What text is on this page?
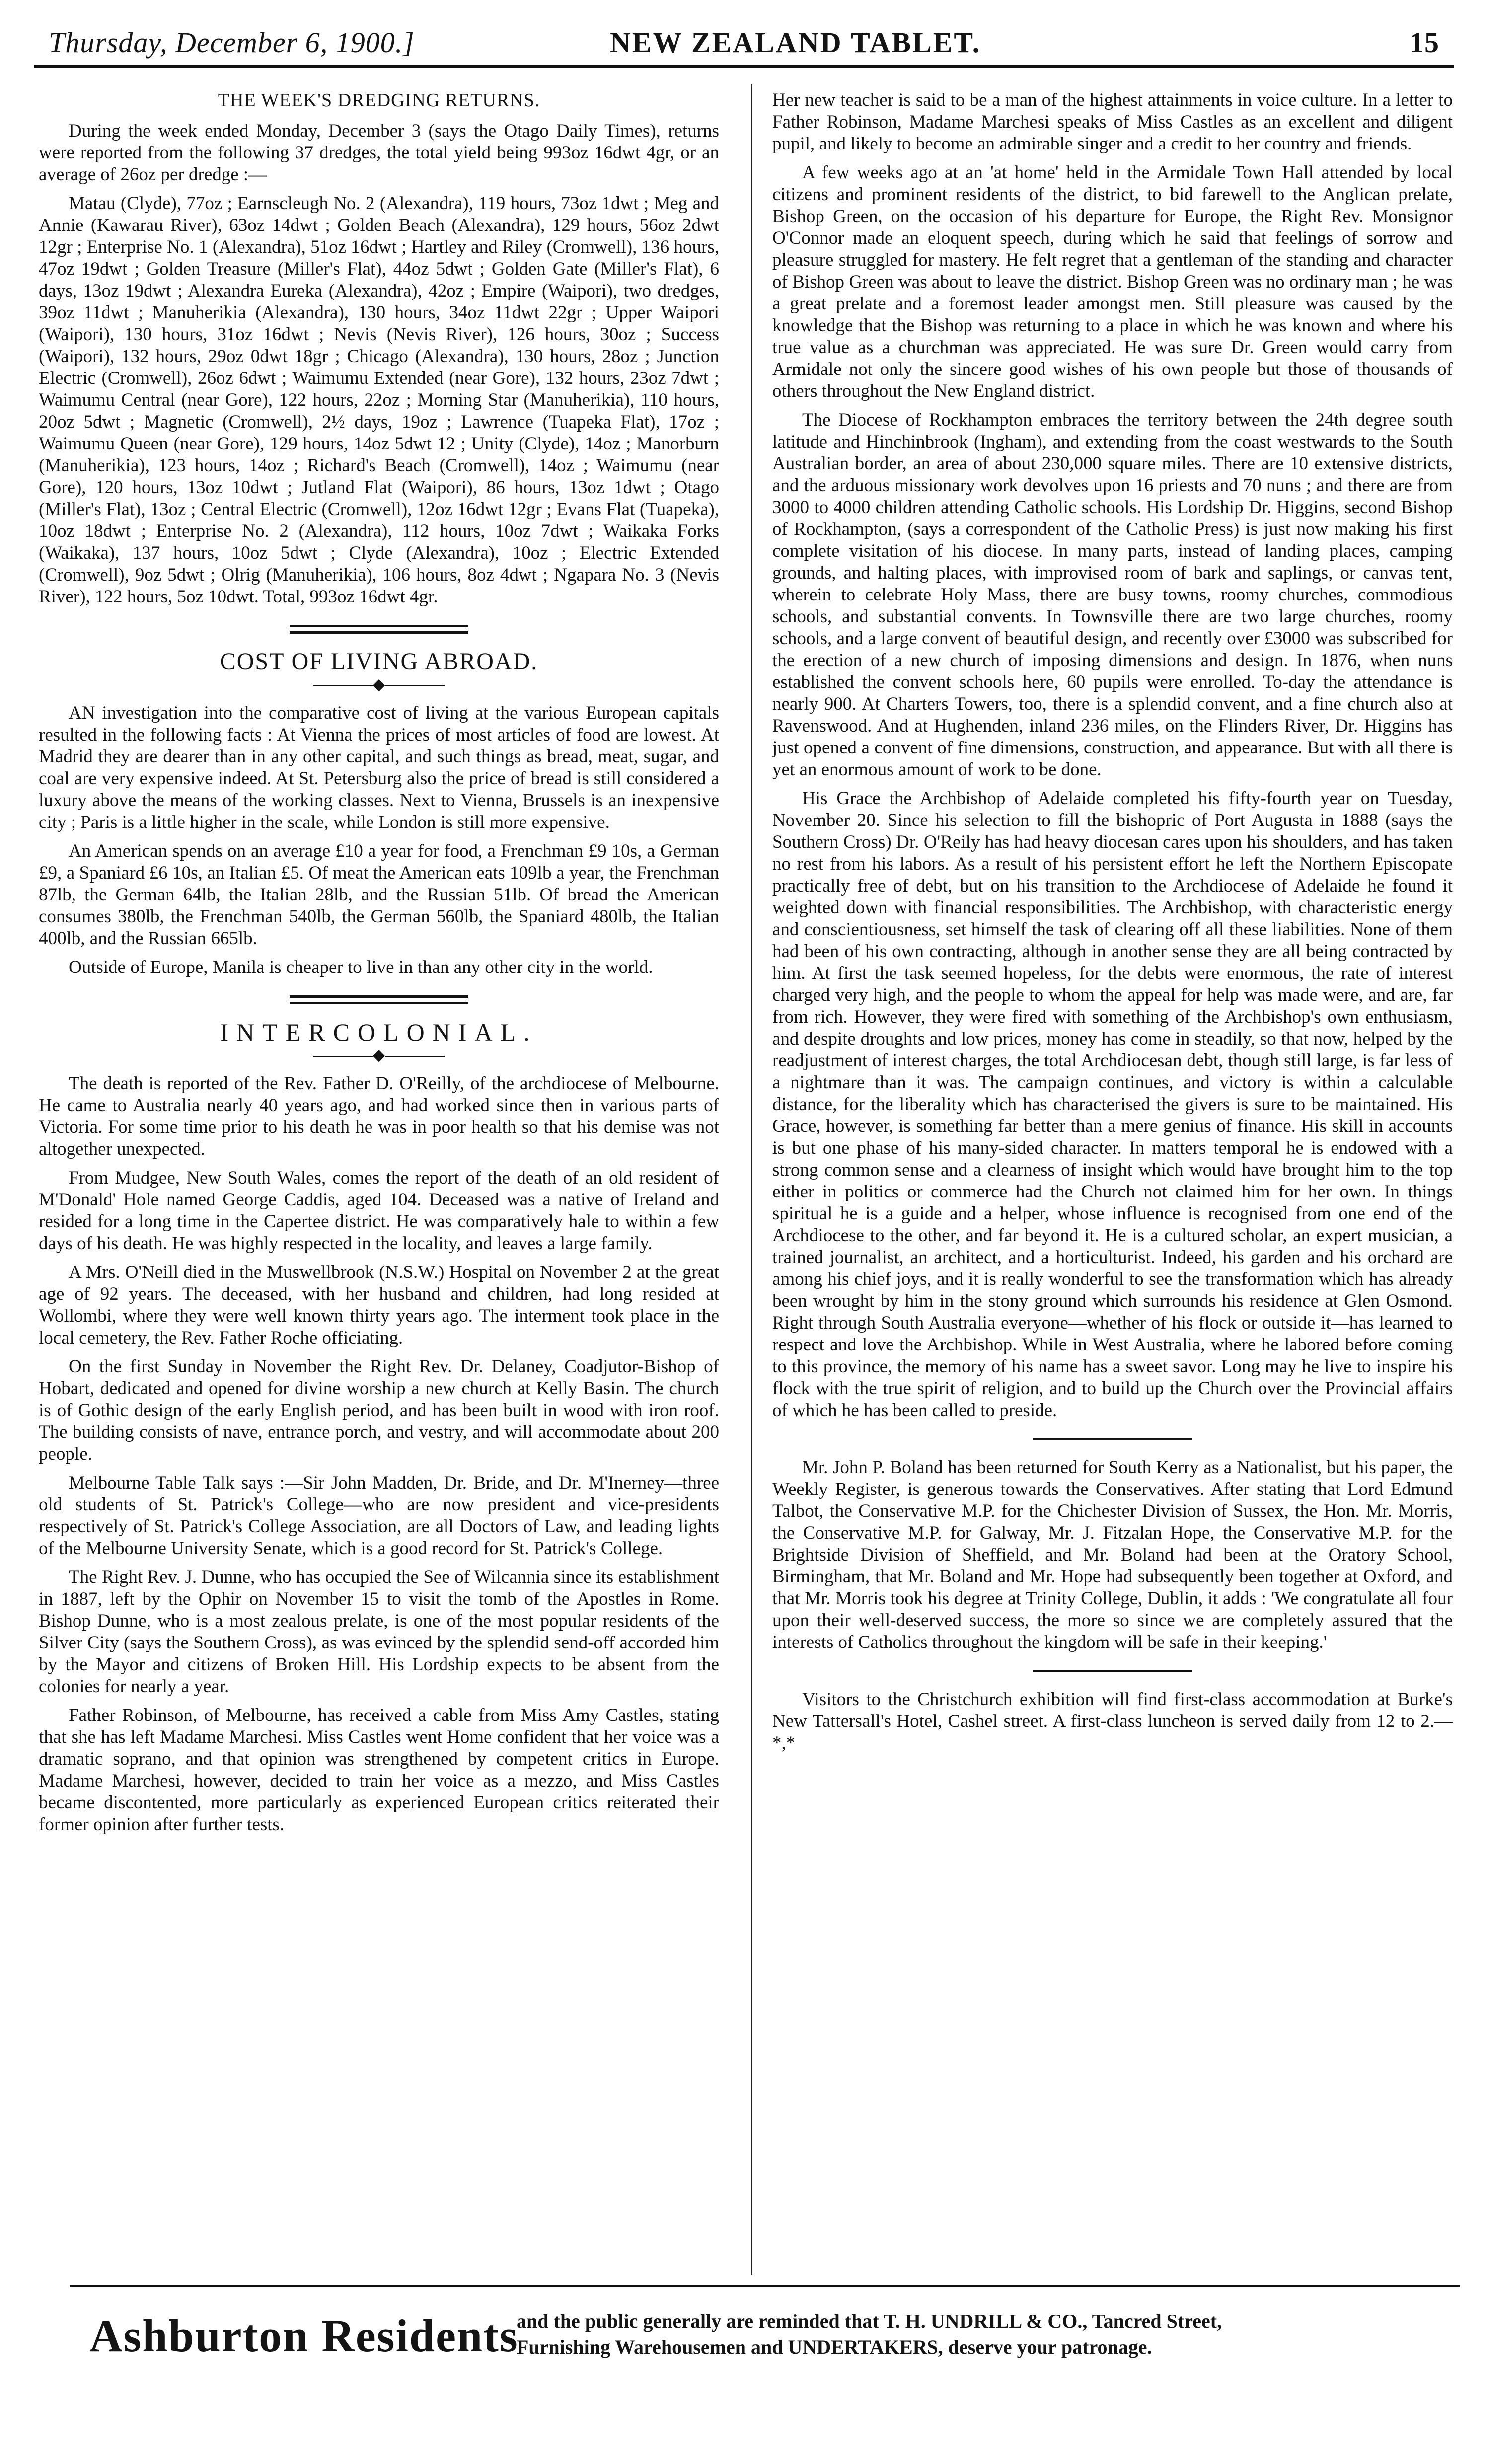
Thursday, December 6, 1900.]	NEW ZEALAND TABLET.	15
THE WEEK'S DREDGING RETURNS.

During the week ended Monday, December 3 (says the Otago Daily Times), returns were reported from the following 37 dredges, the total yield being 993oz 16dwt 4gr, or an average of 26oz per dredge :—

Matau (Clyde), 77oz ; Earnscleugh No. 2 (Alexandra), 119 hours, 73oz 1dwt ; Meg and Annie (Kawarau River), 63oz 14dwt ; Golden Beach (Alexandra), 129 hours, 56oz 2dwt 12gr ; Enterprise No. 1 (Alexandra), 51oz 16dwt ; Hartley and Riley (Cromwell), 136 hours, 47oz 19dwt ; Golden Treasure (Miller's Flat), 44oz 5dwt ; Golden Gate (Miller's Flat), 6 days, 13oz 19dwt ; Alexandra Eureka (Alexandra), 42oz ; Empire (Waipori), two dredges, 39oz 11dwt ; Manuherikia (Alexandra), 130 hours, 34oz 11dwt 22gr ; Upper Waipori (Waipori), 130 hours, 31oz 16dwt ; Nevis (Nevis River), 126 hours, 30oz ; Success (Waipori), 132 hours, 29oz 0dwt 18gr ; Chicago (Alexandra), 130 hours, 28oz ; Junction Electric (Cromwell), 26oz 6dwt ; Waimumu Extended (near Gore), 132 hours, 23oz 7dwt ; Waimumu Central (near Gore), 122 hours, 22oz ; Morning Star (Manuherikia), 110 hours, 20oz 5dwt ; Magnetic (Cromwell), 2½ days, 19oz ; Lawrence (Tuapeka Flat), 17oz ; Waimumu Queen (near Gore), 129 hours, 14oz 5dwt 12 ; Unity (Clyde), 14oz ; Manorburn (Manuherikia), 123 hours, 14oz ; Richard's Beach (Cromwell), 14oz ; Waimumu (near Gore), 120 hours, 13oz 10dwt ; Jutland Flat (Waipori), 86 hours, 13oz 1dwt ; Otago (Miller's Flat), 13oz ; Central Electric (Cromwell), 12oz 16dwt 12gr ; Evans Flat (Tuapeka), 10oz 18dwt ; Enterprise No. 2 (Alexandra), 112 hours, 10oz 7dwt ; Waikaka Forks (Waikaka), 137 hours, 10oz 5dwt ; Clyde (Alexandra), 10oz ; Electric Extended (Cromwell), 9oz 5dwt ; Olrig (Manuherikia), 106 hours, 8oz 4dwt ; Ngapara No. 3 (Nevis River), 122 hours, 5oz 10dwt. Total, 993oz 16dwt 4gr.

COST OF LIVING ABROAD.
◆

AN investigation into the comparative cost of living at the various European capitals resulted in the following facts : At Vienna the prices of most articles of food are lowest. At Madrid they are dearer than in any other capital, and such things as bread, meat, sugar, and coal are very expensive indeed. At St. Petersburg also the price of bread is still considered a luxury above the means of the working classes. Next to Vienna, Brussels is an inexpensive city ; Paris is a little higher in the scale, while London is still more expensive.

An American spends on an average £10 a year for food, a Frenchman £9 10s, a German £9, a Spaniard £6 10s, an Italian £5. Of meat the American eats 109lb a year, the Frenchman 87lb, the German 64lb, the Italian 28lb, and the Russian 51lb. Of bread the American consumes 380lb, the Frenchman 540lb, the German 560lb, the Spaniard 480lb, the Italian 400lb, and the Russian 665lb.

Outside of Europe, Manila is cheaper to live in than any other city in the world.

INTERCOLONIAL.
◆

The death is reported of the Rev. Father D. O'Reilly, of the archdiocese of Melbourne. He came to Australia nearly 40 years ago, and had worked since then in various parts of Victoria. For some time prior to his death he was in poor health so that his demise was not altogether unexpected.

From Mudgee, New South Wales, comes the report of the death of an old resident of M'Donald' Hole named George Caddis, aged 104. Deceased was a native of Ireland and resided for a long time in the Capertee district. He was comparatively hale to within a few days of his death. He was highly respected in the locality, and leaves a large family.

A Mrs. O'Neill died in the Muswellbrook (N.S.W.) Hospital on November 2 at the great age of 92 years. The deceased, with her husband and children, had long resided at Wollombi, where they were well known thirty years ago. The interment took place in the local cemetery, the Rev. Father Roche officiating.

On the first Sunday in November the Right Rev. Dr. Delaney, Coadjutor-Bishop of Hobart, dedicated and opened for divine worship a new church at Kelly Basin. The church is of Gothic design of the early English period, and has been built in wood with iron roof. The building consists of nave, entrance porch, and vestry, and will accommodate about 200 people.

Melbourne Table Talk says :—Sir John Madden, Dr. Bride, and Dr. M'Inerney—three old students of St. Patrick's College—who are now president and vice-presidents respectively of St. Patrick's College Association, are all Doctors of Law, and leading lights of the Melbourne University Senate, which is a good record for St. Patrick's College.

The Right Rev. J. Dunne, who has occupied the See of Wilcannia since its establishment in 1887, left by the Ophir on November 15 to visit the tomb of the Apostles in Rome. Bishop Dunne, who is a most zealous prelate, is one of the most popular residents of the Silver City (says the Southern Cross), as was evinced by the splendid send-off accorded him by the Mayor and citizens of Broken Hill. His Lordship expects to be absent from the colonies for nearly a year.

Father Robinson, of Melbourne, has received a cable from Miss Amy Castles, stating that she has left Madame Marchesi. Miss Castles went Home confident that her voice was a dramatic soprano, and that opinion was strengthened by competent critics in Europe. Madame Marchesi, however, decided to train her voice as a mezzo, and Miss Castles became discontented, more particularly as experienced European critics reiterated their former opinion after further tests.

Her new teacher is said to be a man of the highest attainments in voice culture. In a letter to Father Robinson, Madame Marchesi speaks of Miss Castles as an excellent and diligent pupil, and likely to become an admirable singer and a credit to her country and friends.

A few weeks ago at an 'at home' held in the Armidale Town Hall attended by local citizens and prominent residents of the district, to bid farewell to the Anglican prelate, Bishop Green, on the occasion of his departure for Europe, the Right Rev. Monsignor O'Connor made an eloquent speech, during which he said that feelings of sorrow and pleasure struggled for mastery. He felt regret that a gentleman of the standing and character of Bishop Green was about to leave the district. Bishop Green was no ordinary man ; he was a great prelate and a foremost leader amongst men. Still pleasure was caused by the knowledge that the Bishop was returning to a place in which he was known and where his true value as a churchman was appreciated. He was sure Dr. Green would carry from Armidale not only the sincere good wishes of his own people but those of thousands of others throughout the New England district.

The Diocese of Rockhampton embraces the territory between the 24th degree south latitude and Hinchinbrook (Ingham), and extending from the coast westwards to the South Australian border, an area of about 230,000 square miles. There are 10 extensive districts, and the arduous missionary work devolves upon 16 priests and 70 nuns ; and there are from 3000 to 4000 children attending Catholic schools. His Lordship Dr. Higgins, second Bishop of Rockhampton, (says a correspondent of the Catholic Press) is just now making his first complete visitation of his diocese. In many parts, instead of landing places, camping grounds, and halting places, with improvised room of bark and saplings, or canvas tent, wherein to celebrate Holy Mass, there are busy towns, roomy churches, commodious schools, and substantial convents. In Townsville there are two large churches, roomy schools, and a large convent of beautiful design, and recently over £3000 was subscribed for the erection of a new church of imposing dimensions and design. In 1876, when nuns established the convent schools here, 60 pupils were enrolled. To-day the attendance is nearly 900. At Charters Towers, too, there is a splendid convent, and a fine church also at Ravenswood. And at Hughenden, inland 236 miles, on the Flinders River, Dr. Higgins has just opened a convent of fine dimensions, construction, and appearance. But with all there is yet an enormous amount of work to be done.

His Grace the Archbishop of Adelaide completed his fifty-fourth year on Tuesday, November 20. Since his selection to fill the bishopric of Port Augusta in 1888 (says the Southern Cross) Dr. O'Reily has had heavy diocesan cares upon his shoulders, and has taken no rest from his labors. As a result of his persistent effort he left the Northern Episcopate practically free of debt, but on his transition to the Archdiocese of Adelaide he found it weighted down with financial responsibilities. The Archbishop, with characteristic energy and conscientiousness, set himself the task of clearing off all these liabilities. None of them had been of his own contracting, although in another sense they are all being contracted by him. At first the task seemed hopeless, for the debts were enormous, the rate of interest charged very high, and the people to whom the appeal for help was made were, and are, far from rich. However, they were fired with something of the Archbishop's own enthusiasm, and despite droughts and low prices, money has come in steadily, so that now, helped by the readjustment of interest charges, the total Archdiocesan debt, though still large, is far less of a nightmare than it was. The campaign continues, and victory is within a calculable distance, for the liberality which has characterised the givers is sure to be maintained. His Grace, however, is something far better than a mere genius of finance. His skill in accounts is but one phase of his many-sided character. In matters temporal he is endowed with a strong common sense and a clearness of insight which would have brought him to the top either in politics or commerce had the Church not claimed him for her own. In things spiritual he is a guide and a helper, whose influence is recognised from one end of the Archdiocese to the other, and far beyond it. He is a cultured scholar, an expert musician, a trained journalist, an architect, and a horticulturist. Indeed, his garden and his orchard are among his chief joys, and it is really wonderful to see the transformation which has already been wrought by him in the stony ground which surrounds his residence at Glen Osmond. Right through South Australia everyone—whether of his flock or outside it—has learned to respect and love the Archbishop. While in West Australia, where he labored before coming to this province, the memory of his name has a sweet savor. Long may he live to inspire his flock with the true spirit of religion, and to build up the Church over the Provincial affairs of which he has been called to preside.

Mr. John P. Boland has been returned for South Kerry as a Nationalist, but his paper, the Weekly Register, is generous towards the Conservatives. After stating that Lord Edmund Talbot, the Conservative M.P. for the Chichester Division of Sussex, the Hon. Mr. Morris, the Conservative M.P. for Galway, Mr. J. Fitzalan Hope, the Conservative M.P. for the Brightside Division of Sheffield, and Mr. Boland had been at the Oratory School, Birmingham, that Mr. Boland and Mr. Hope had subsequently been together at Oxford, and that Mr. Morris took his degree at Trinity College, Dublin, it adds : 'We congratulate all four upon their well-deserved success, the more so since we are completely assured that the interests of Catholics throughout the kingdom will be safe in their keeping.'

Visitors to the Christchurch exhibition will find first-class accommodation at Burke's New Tattersall's Hotel, Cashel street. A first-class luncheon is served daily from 12 to 2.—*,*

Ashburton Residents
and the public generally are reminded that T. H. UNDRILL & CO., Tancred Street,
Furnishing Warehousemen and UNDERTAKERS, deserve your patronage.
